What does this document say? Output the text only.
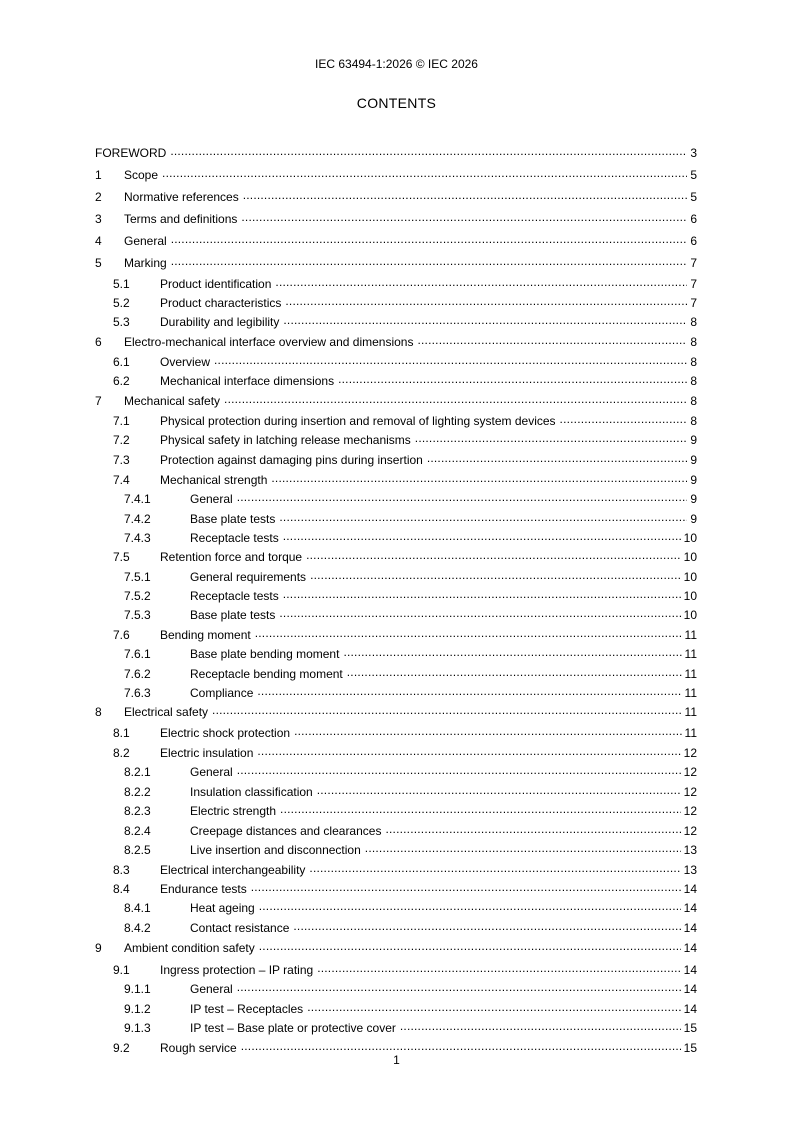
IEC 63494-1:2026 © IEC 2026
CONTENTS
FOREWORD .....	3
1	Scope .....	5
2	Normative references .....	5
3	Terms and definitions .....	6
4	General .....	6
5	Marking .....	7
5.1	Product identification .....	7
5.2	Product characteristics .....	7
5.3	Durability and legibility .....	8
6	Electro-mechanical interface overview and dimensions .....	8
6.1	Overview .....	8
6.2	Mechanical interface dimensions .....	8
7	Mechanical safety .....	8
7.1	Physical protection during insertion and removal of lighting system devices .....	8
7.2	Physical safety in latching release mechanisms .....	9
7.3	Protection against damaging pins during insertion .....	9
7.4	Mechanical strength .....	9
7.4.1	General .....	9
7.4.2	Base plate tests .....	9
7.4.3	Receptacle tests .....	10
7.5	Retention force and torque .....	10
7.5.1	General requirements .....	10
7.5.2	Receptacle tests .....	10
7.5.3	Base plate tests .....	10
7.6	Bending moment .....	11
7.6.1	Base plate bending moment .....	11
7.6.2	Receptacle bending moment .....	11
7.6.3	Compliance .....	11
8	Electrical safety .....	11
8.1	Electric shock protection .....	11
8.2	Electric insulation .....	12
8.2.1	General .....	12
8.2.2	Insulation classification .....	12
8.2.3	Electric strength .....	12
8.2.4	Creepage distances and clearances .....	12
8.2.5	Live insertion and disconnection .....	13
8.3	Electrical interchangeability .....	13
8.4	Endurance tests .....	14
8.4.1	Heat ageing .....	14
8.4.2	Contact resistance .....	14
9	Ambient condition safety .....	14
9.1	Ingress protection – IP rating .....	14
9.1.1	General .....	14
9.1.2	IP test – Receptacles .....	14
9.1.3	IP test – Base plate or protective cover .....	15
9.2	Rough service .....	15
1
